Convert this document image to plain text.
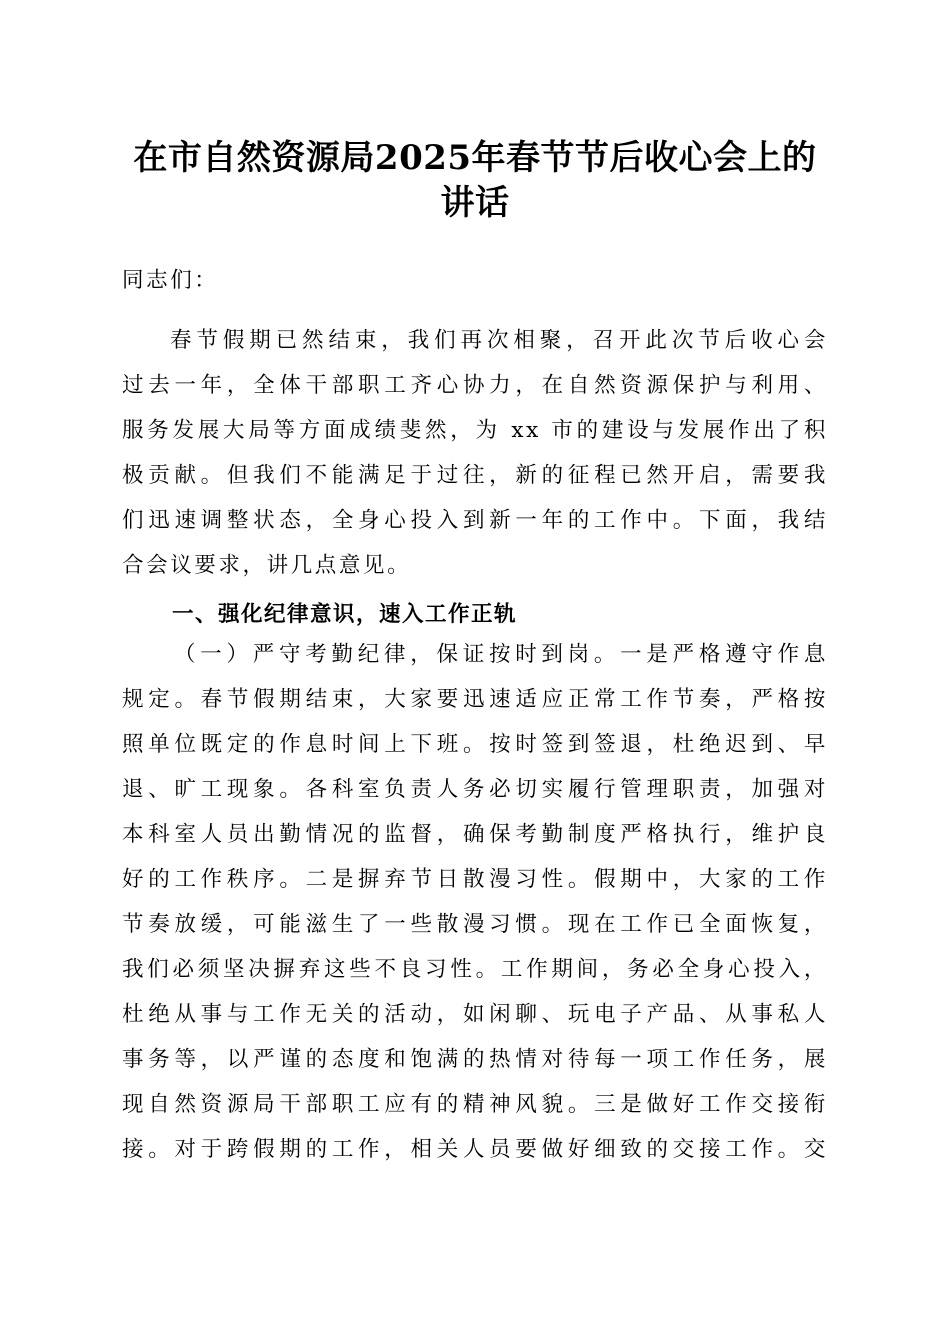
在市自然资源局2025年春节节后收心会上的
讲话
同志们：
春节假期已然结束，我们再次相聚，召开此次节后收心会
过去一年，全体干部职工齐心协力，在自然资源保护与利用、
服务发展大局等方面成绩斐然，为 xx 市的建设与发展作出了积
极贡献。但我们不能满足于过往，新的征程已然开启，需要我
们迅速调整状态，全身心投入到新一年的工作中。下面，我结
合会议要求，讲几点意见。
一、强化纪律意识，速入工作正轨
（一）严守考勤纪律，保证按时到岗。一是严格遵守作息
规定。春节假期结束，大家要迅速适应正常工作节奏，严格按
照单位既定的作息时间上下班。按时签到签退，杜绝迟到、早
退、旷工现象。各科室负责人务必切实履行管理职责，加强对
本科室人员出勤情况的监督，确保考勤制度严格执行，维护良
好的工作秩序。二是摒弃节日散漫习性。假期中，大家的工作
节奏放缓，可能滋生了一些散漫习惯。现在工作已全面恢复，
我们必须坚决摒弃这些不良习性。工作期间，务必全身心投入，
杜绝从事与工作无关的活动，如闲聊、玩电子产品、从事私人
事务等，以严谨的态度和饱满的热情对待每一项工作任务，展
现自然资源局干部职工应有的精神风貌。三是做好工作交接衔
接。对于跨假期的工作，相关人员要做好细致的交接工作。交
